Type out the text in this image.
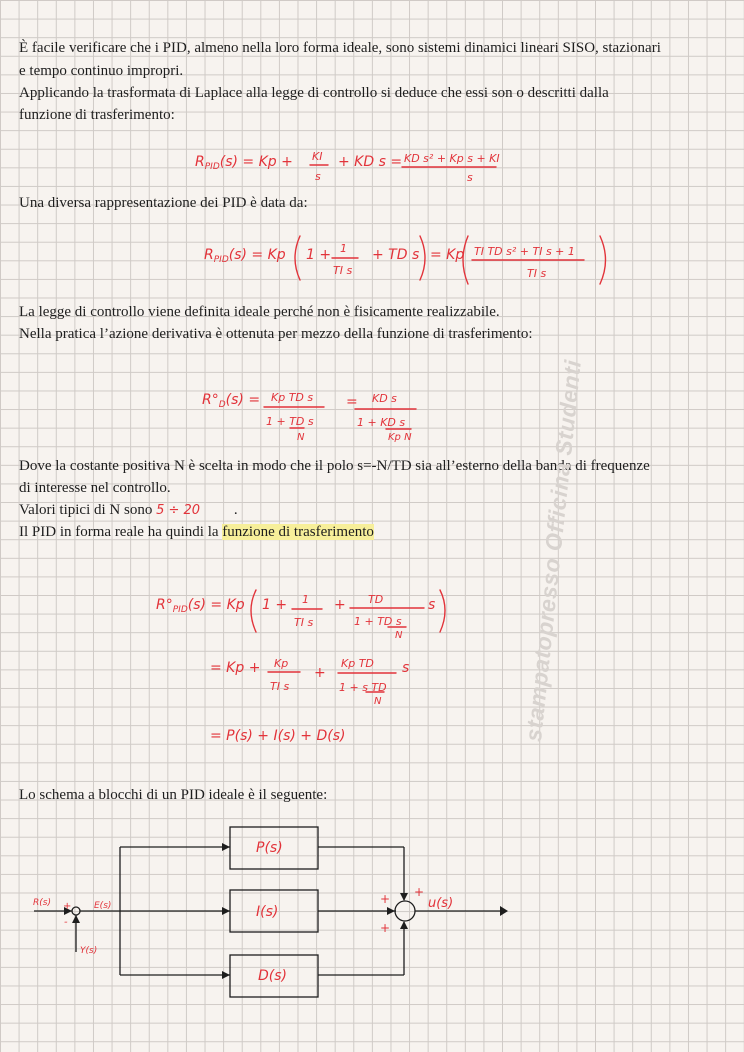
È facile verificare che i PID, almeno nella loro forma ideale, sono sistemi dinamici lineari SISO, stazionari

e tempo continuo impropri.

Applicando la trasformata di Laplace alla legge di controllo si deduce che essi son o descritti dalla

funzione di trasferimento:

Una diversa rappresentazione dei PID è data da:

La legge di controllo viene definita ideale perché non è fisicamente realizzabile.

Nella pratica l’azione derivativa è ottenuta per mezzo della funzione di trasferimento:

Dove la costante positiva N è scelta in modo che il polo s=-N/TD sia all’esterno della banda di frequenze

di interesse nel controllo.

Valori tipici di N sono 5 ÷ 20 .

Il PID in forma reale ha quindi la funzione di trasferimento

Lo schema a blocchi di un PID ideale è il seguente:

stampatopresso Officina Studenti
$R_{PID}(s) = Kp$ + KI
s
+ KD s = KD s² + Kp s + KI
s
$R_{PID}(s) = Kp$ 1 + 1
TI s
+ TD s = Kp TI TD s² + TI s + 1
TI s
$R^\circ_D(s) = Kp$ TD s
1 + TD s
N
= KD s
1 + KD s
Kp N
$R^\circ_{PID}(s) = Kp$ 1 + 1
TI s
+ TD
1 + TD s
N
s
= Kp + Kp
TI s
+
Kp TD
1 + s TD
N
s
= P(s) + I(s) + D(s)
P(s)
I(s)
D(s)
R(s)	E(s)
Y(s)
u(s)
+
-
+ +
+
